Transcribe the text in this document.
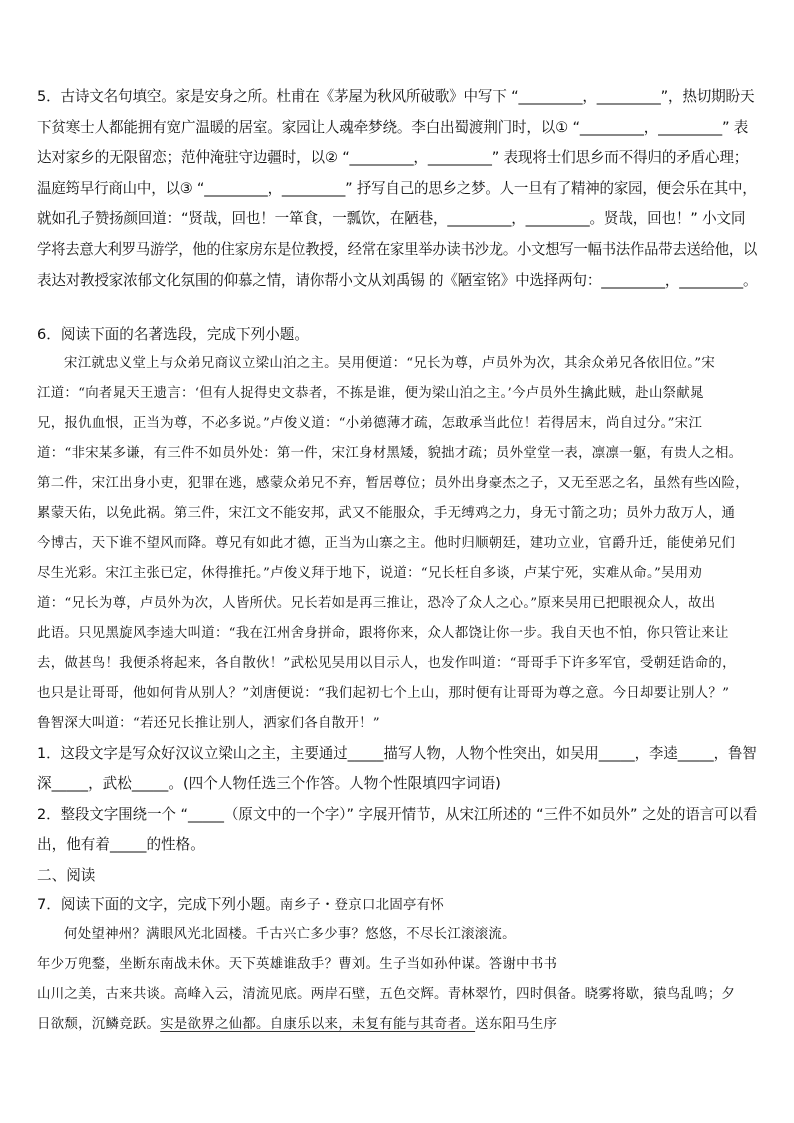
5．古诗文名句填空。家是安身之所。杜甫在《茅屋为秋风所破歌》中写下 “_________，_________”，热切期盼天
下贫寒士人都能拥有宽广温暖的居室。家园让人魂牵梦绕。李白出蜀渡荆门时，以① “_________，_________” 表
达对家乡的无限留恋；范仲淹驻守边疆时，以② “_________，_________” 表现将士们思乡而不得归的矛盾心理；
温庭筠早行商山中，以③ “_________，_________” 抒写自己的思乡之梦。人一旦有了精神的家园，便会乐在其中，
就如孔子赞扬颜回道：“贤哉，回也！一箪食，一瓢饮，在陋巷，_________，_________。贤哉，回也！” 小文同
学将去意大利罗马游学，他的住家房东是位教授，经常在家里举办读书沙龙。小文想写一幅书法作品带去送给他，以
表达对教授家浓郁文化氛围的仰慕之情，请你帮小文从刘禹锡 的《陋室铭》中选择两句：_________，_________。
6．阅读下面的名著选段，完成下列小题。
宋江就忠义堂上与众弟兄商议立梁山泊之主。吴用便道：“兄长为尊，卢员外为次，其余众弟兄各依旧位。”宋
江道：“向者晁天王遗言：‘但有人捉得史文恭者，不拣是谁，便为梁山泊之主。’今卢员外生擒此贼，赴山祭献晁
兄，报仇血恨，正当为尊，不必多说。”卢俊义道：“小弟德薄才疏，怎敢承当此位！若得居末，尚自过分。”宋江
道：“非宋某多谦，有三件不如员外处：第一件，宋江身材黑矮，貌拙才疏；员外堂堂一表，凛凛一躯，有贵人之相。
第二件，宋江出身小吏，犯罪在逃，感蒙众弟兄不弃，暂居尊位；员外出身豪杰之子，又无至恶之名，虽然有些凶险，
累蒙天佑，以免此祸。第三件，宋江文不能安邦，武又不能服众，手无缚鸡之力，身无寸箭之功；员外力敌万人，通
今博古，天下谁不望风而降。尊兄有如此才德，正当为山寨之主。他时归顺朝廷，建功立业，官爵升迁，能使弟兄们
尽生光彩。宋江主张已定，休得推托。”卢俊义拜于地下，说道：“兄长枉自多谈，卢某宁死，实难从命。”吴用劝
道：“兄长为尊，卢员外为次，人皆所伏。兄长若如是再三推让，恐冷了众人之心。”原来吴用已把眼视众人，故出
此语。只见黑旋风李逵大叫道：“我在江州舍身拼命，跟将你来，众人都饶让你一步。我自天也不怕，你只管让来让
去，做甚鸟！我便杀将起来，各自散伙！”武松见吴用以目示人，也发作叫道：“哥哥手下许多军官，受朝廷诰命的，
也只是让哥哥，他如何肯从别人？”刘唐便说：“我们起初七个上山，那时便有让哥哥为尊之意。今日却要让别人？”
鲁智深大叫道：“若还兄长推让别人，洒家们各自散开！”
1．这段文字是写众好汉议立梁山之主，主要通过_____描写人物，人物个性突出，如吴用_____，李逵_____，鲁智
深_____，武松_____。(四个人物任选三个作答。人物个性限填四字词语)
2．整段文字围绕一个 “_____（原文中的一个字）” 字展开情节，从宋江所述的 “三件不如员外” 之处的语言可以看
出，他有着_____的性格。
二、阅读
7．阅读下面的文字，完成下列小题。南乡子・登京口北固亭有怀
何处望神州？满眼风光北固楼。千古兴亡多少事？悠悠，不尽长江滚滚流。
年少万兜鍪，坐断东南战未休。天下英雄谁敌手？曹刘。生子当如孙仲谋。答谢中书书
山川之美，古来共谈。高峰入云，清流见底。两岸石壁，五色交辉。青林翠竹，四时俱备。晓雾将歇，猿鸟乱鸣；夕
日欲颓，沉鳞竞跃。实是欲界之仙都。自康乐以来，未复有能与其奇者。送东阳马生序
